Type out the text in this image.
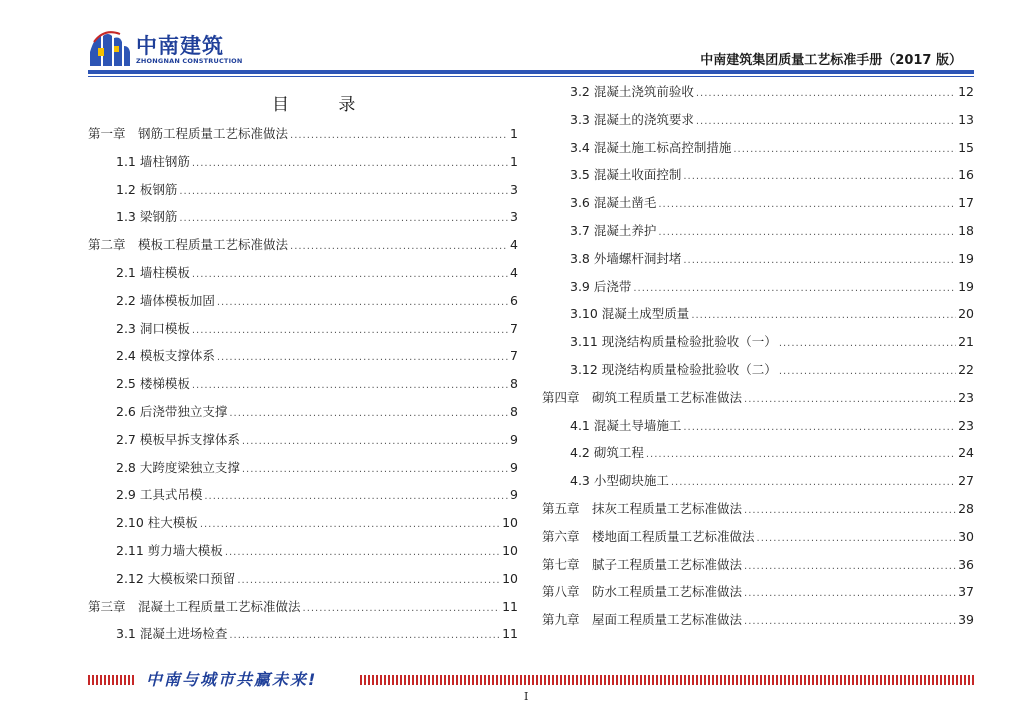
中南建筑
ZHONGNAN CONSTRUCTION	中南建筑集团质量工艺标准手册（2017 版）
目 录
第一章　钢筋工程质量工艺标准做法 .....	1
1.1 墙柱钢筋 .....	1
1.2 板钢筋 .....	3
1.3 梁钢筋 .....	3
第二章　模板工程质量工艺标准做法 .....	4
2.1 墙柱模板 .....	4
2.2 墙体模板加固 .....	6
2.3 洞口模板 .....	7
2.4 模板支撑体系 .....	7
2.5 楼梯模板 .....	8
2.6 后浇带独立支撑 .....	8
2.7 模板早拆支撑体系 .....	9
2.8 大跨度梁独立支撑 .....	9
2.9 工具式吊模 .....	9
2.10 柱大模板 .....	10
2.11 剪力墙大模板 .....	10
2.12 大模板梁口预留 .....	10
第三章　混凝土工程质量工艺标准做法 .....	11
3.1 混凝土进场检查 .....	11
3.2 混凝土浇筑前验收 .....	12
3.3 混凝土的浇筑要求 .....	13
3.4 混凝土施工标高控制措施 .....	15
3.5 混凝土收面控制 .....	16
3.6 混凝土凿毛 .....	17
3.7 混凝土养护 .....	18
3.8 外墙螺杆洞封堵 .....	19
3.9 后浇带 .....	19
3.10 混凝土成型质量 .....	20
3.11 现浇结构质量检验批验收（一） .....	21
3.12 现浇结构质量检验批验收（二） .....	22
第四章　砌筑工程质量工艺标准做法 .....	23
4.1 混凝土导墙施工 .....	23
4.2 砌筑工程 .....	24
4.3 小型砌块施工 .....	27
第五章　抹灰工程质量工艺标准做法 .....	28
第六章　楼地面工程质量工艺标准做法 .....	30
第七章　腻子工程质量工艺标准做法 .....	36
第八章　防水工程质量工艺标准做法 .....	37
第九章　屋面工程质量工艺标准做法 .....	39
中南与城市共赢未来!
I
